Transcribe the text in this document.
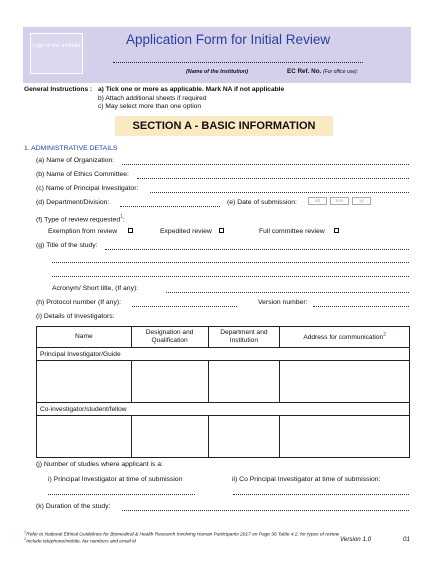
Logo of the Institute	Application Form for Initial Review
(Name of the Institution)	EC Ref. No. (For office use):
General Instructions : a) Tick one or more as applicable. Mark NA if not applicable
b) Attach additional sheets if required
c) May select more than one option
SECTION A - BASIC INFORMATION
1. ADMINISTRATIVE DETAILS
(a) Name of Organization:
(b) Name of Ethics Committee:
(c) Name of Principal Investigator:
(d) Department/Division:	(e) Date of submission:	dd	mm	yy
(f) Type of review requested$^1$:
Exemption from review	Expedited review	Full committee review
(g) Title of the study:
Acronym/ Short title, (If any):
(h) Protocol number (If any):	Version number:
(i) Details of Investigators:
Name	Designation and Qualification	Department and Institution	Address for communication$^2$
Principal Investigator/Guide			

Co-investigator/student/fellow			

(j) Number of studies where applicant is a:
i) Principal Investigator at time of submission	ii) Co Principal Investigator at time of submission:
(k) Duration of the study:
$^1$Refer to National Ethical Guidelines for Biomedical & Health Research Involving Human Participants 2017 on Page 36 Table 4.2. for types of review
$^2$Include telephone/mobile, fax numbers and email id	Version 1.0	01
